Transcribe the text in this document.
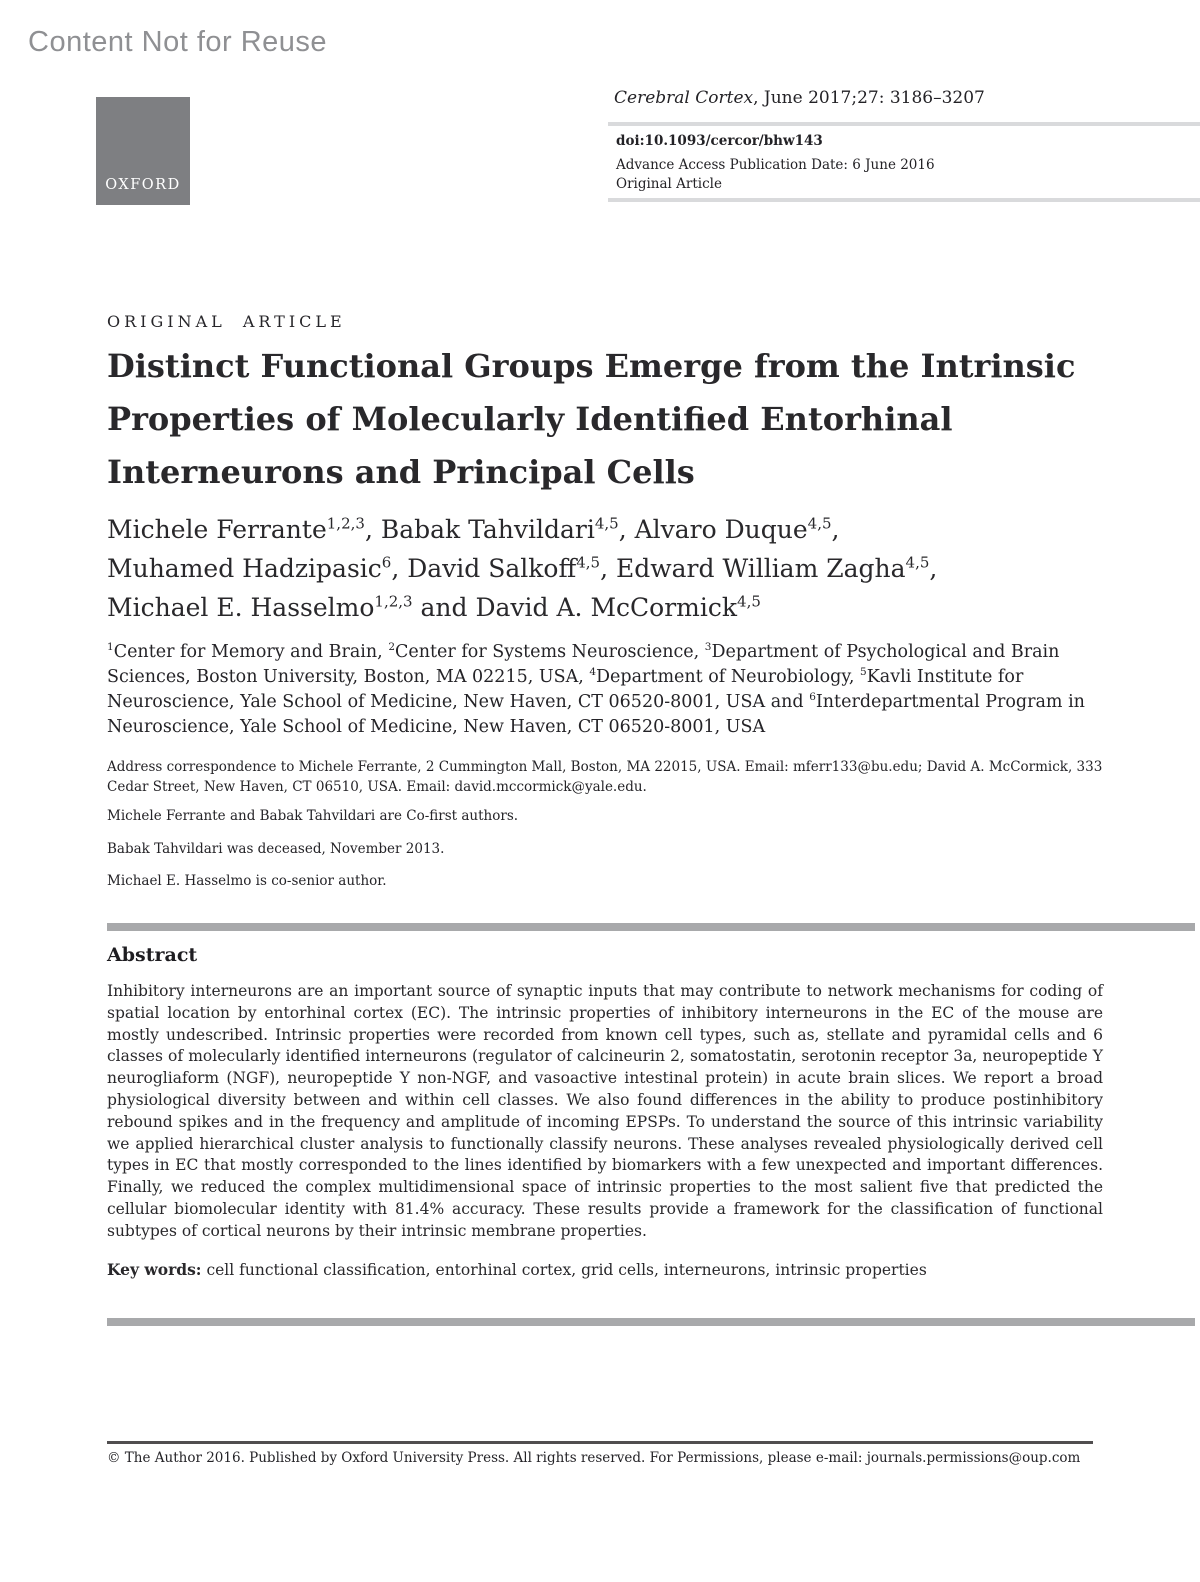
Content Not for Reuse
OXFORD
Cerebral Cortex, June 2017;27: 3186–3207
doi:10.1093/cercor/bhw143
Advance Access Publication Date: 6 June 2016
Original Article
ORIGINAL ARTICLE
Distinct Functional Groups Emerge from the Intrinsic
Properties of Molecularly Identified Entorhinal
Interneurons and Principal Cells
Michele Ferrante$^{1,2,3}$, Babak Tahvildari$^{4,5}$, Alvaro Duque$^{4,5}$,
Muhamed Hadzipasic$^6$, David Salkoff$^{4,5}$, Edward William Zagha$^{4,5}$,
Michael E. Hasselmo$^{1,2,3}$ and David A. McCormick$^{4,5}$
$^1$Center for Memory and Brain, $^2$Center for Systems Neuroscience, $^3$Department of Psychological and Brain Sciences, Boston University, Boston, MA 02215, USA, $^4$Department of Neurobiology, $^5$Kavli Institute for Neuroscience, Yale School of Medicine, New Haven, CT 06520-8001, USA and $^6$Interdepartmental Program in Neuroscience, Yale School of Medicine, New Haven, CT 06520-8001, USA
Address correspondence to Michele Ferrante, 2 Cummington Mall, Boston, MA 22015, USA. Email: mferr133@bu.edu; David A. McCormick, 333 Cedar Street, New Haven, CT 06510, USA. Email: david.mccormick@yale.edu.
Michele Ferrante and Babak Tahvildari are Co-first authors.
Babak Tahvildari was deceased, November 2013.
Michael E. Hasselmo is co-senior author.
Abstract
Inhibitory interneurons are an important source of synaptic inputs that may contribute to network mechanisms for coding of spatial location by entorhinal cortex (EC). The intrinsic properties of inhibitory interneurons in the EC of the mouse are mostly undescribed. Intrinsic properties were recorded from known cell types, such as, stellate and pyramidal cells and 6 classes of molecularly identified interneurons (regulator of calcineurin 2, somatostatin, serotonin receptor 3a, neuropeptide Y neurogliaform (NGF), neuropeptide Y non-NGF, and vasoactive intestinal protein) in acute brain slices. We report a broad physiological diversity between and within cell classes. We also found differences in the ability to produce postinhibitory rebound spikes and in the frequency and amplitude of incoming EPSPs. To understand the source of this intrinsic variability we applied hierarchical cluster analysis to functionally classify neurons. These analyses revealed physiologically derived cell types in EC that mostly corresponded to the lines identified by biomarkers with a few unexpected and important differences. Finally, we reduced the complex multidimensional space of intrinsic properties to the most salient five that predicted the cellular biomolecular identity with 81.4% accuracy. These results provide a framework for the classification of functional subtypes of cortical neurons by their intrinsic membrane properties.
Key words: cell functional classification, entorhinal cortex, grid cells, interneurons, intrinsic properties
© The Author 2016. Published by Oxford University Press. All rights reserved. For Permissions, please e-mail: journals.permissions@oup.com
